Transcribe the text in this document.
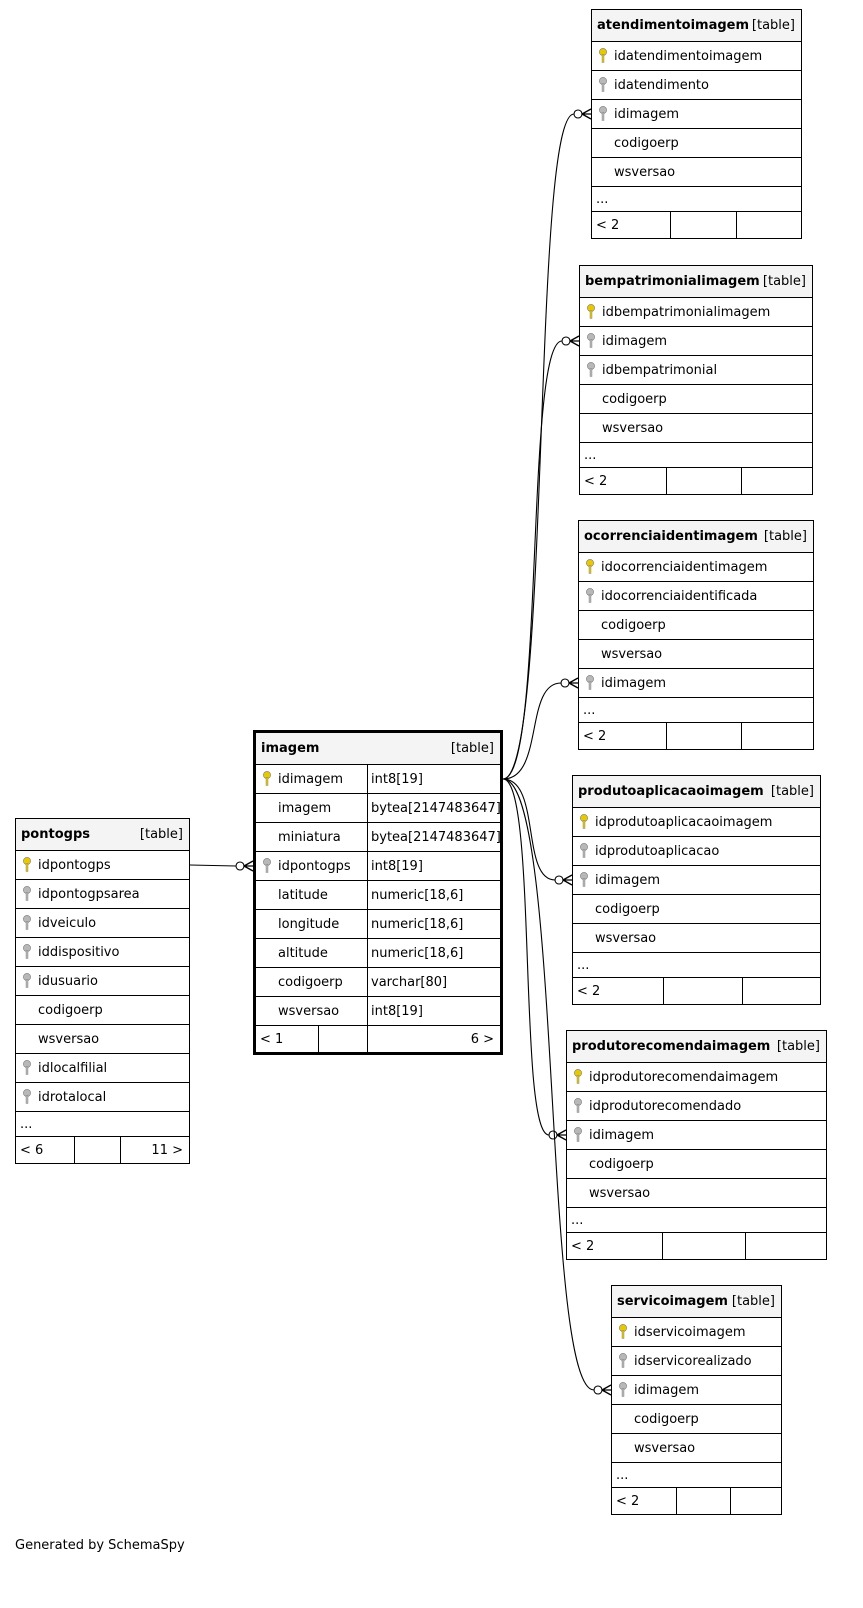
atendimentoimagem [table]
idatendimentoimagem
idatendimento
idimagem
codigoerp
wsversao
...
< 2
bempatrimonialimagem [table]
idbempatrimonialimagem
idimagem
idbempatrimonial
codigoerp
wsversao
...
< 2
ocorrenciaidentimagem [table]
idocorrenciaidentimagem
idocorrenciaidentificada
codigoerp
wsversao
idimagem
...
< 2
produtoaplicacaoimagem [table]
idprodutoaplicacaoimagem
idprodutoaplicacao
idimagem
codigoerp
wsversao
...
< 2
produtorecomendaimagem [table]
idprodutorecomendaimagem
idprodutorecomendado
idimagem
codigoerp
wsversao
...
< 2
servicoimagem [table]
idservicoimagem
idservicorealizado
idimagem
codigoerp
wsversao
...
< 2
imagem	[table]
idimagem	int8[19]
imagem	bytea[2147483647]
miniatura	bytea[2147483647]
idpontogps	int8[19]
latitude	numeric[18,6]
longitude	numeric[18,6]
altitude	numeric[18,6]
codigoerp	varchar[80]
wsversao	int8[19]
< 1	6 >
pontogps	[table]
idpontogps
idpontogpsarea
idveiculo
iddispositivo
idusuario
codigoerp
wsversao
idlocalfilial
idrotalocal
...
< 6	11 >
Generated by SchemaSpy
